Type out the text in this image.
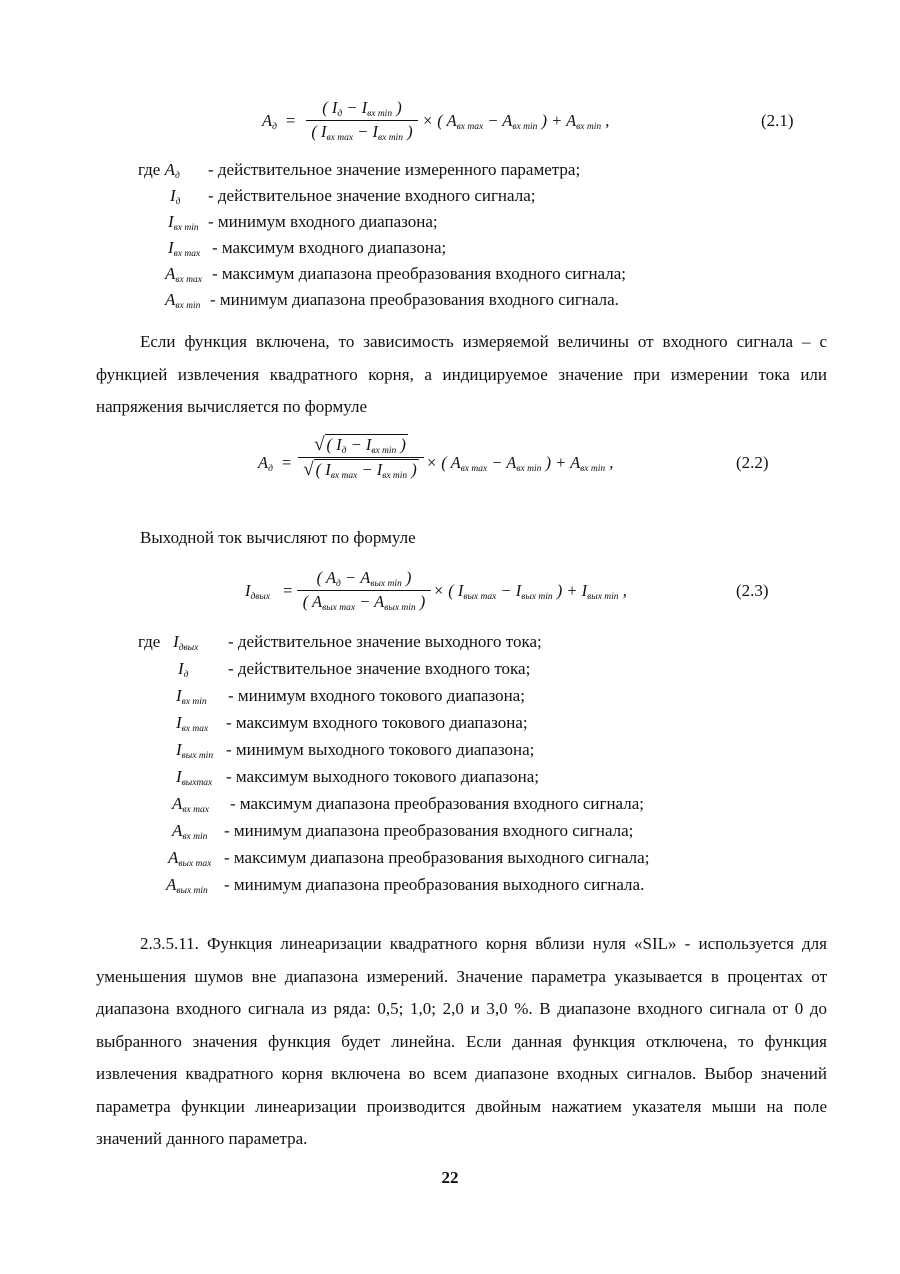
$A_д$ =
( $I_д - I_{вх min}$ )
( $I_{вх max} - I_{вх min}$ )
× ( $A_{вх max} - A_{вх min}$ ) + $A_{вх min}$ ,	(2.1)
где $A_д$ - действительное значение измеренного параметра;
$I_д$ - действительное значение входного сигнала;
$I_{вх min}$ - минимум входного диапазона;
$I_{вх max}$ - максимум входного диапазона;
$A_{вх max}$ - максимум диапазона преобразования входного сигнала;
$A_{вх min}$ - минимум диапазона преобразования входного сигнала.

Если функция включена, то зависимость измеряемой величины от входного сигнала – с функцией извлечения квадратного корня, а индицируемое значение при измерении тока или напряжения вычисляется по формуле

$A_д$ =
√ ( $I_д - I_{вх min}$ )
√ ( $I_{вх max} - I_{вх min}$ ) × ( $A_{вх max} - A_{вх min}$ ) + $A_{вх min}$ ,	(2.2)
Выходной ток вычисляют по формуле
$I_{двых}$ =
( $A_д - A_{вых min}$ )
( $A_{вых max} - A_{вых min}$ )
× ( $I_{вых max} - I_{вых min}$ ) + $I_{вых min}$ ,	(2.3)
где $I_{двых}$ - действительное значение выходного тока;
$I_д$ - действительное значение входного тока;
$I_{вх min}$ - минимум входного токового диапазона;
$I_{вх max}$ - максимум входного токового диапазона;
$I_{вых min}$ - минимум выходного токового диапазона;
$I_{выхmax}$ - максимум выходного токового диапазона;
$A_{вх max}$ - максимум диапазона преобразования входного сигнала;
$A_{вх min}$ - минимум диапазона преобразования входного сигнала;
$A_{вых max}$ - максимум диапазона преобразования выходного сигнала;
$A_{вых min}$ - минимум диапазона преобразования выходного сигнала.

2.3.5.11. Функция линеаризации квадратного корня вблизи нуля «SIL» - используется для уменьшения шумов вне диапазона измерений. Значение параметра указывается в процентах от диапазона входного сигнала из ряда: 0,5; 1,0; 2,0 и 3,0 %. В диапазоне входного сигнала от 0 до выбранного значения функция будет линейна. Если данная функция отключена, то функция извлечения квадратного корня включена во всем диапазоне входных сигналов. Выбор значений параметра функции линеаризации производится двойным нажатием указателя мыши на поле значений данного параметра.

22
